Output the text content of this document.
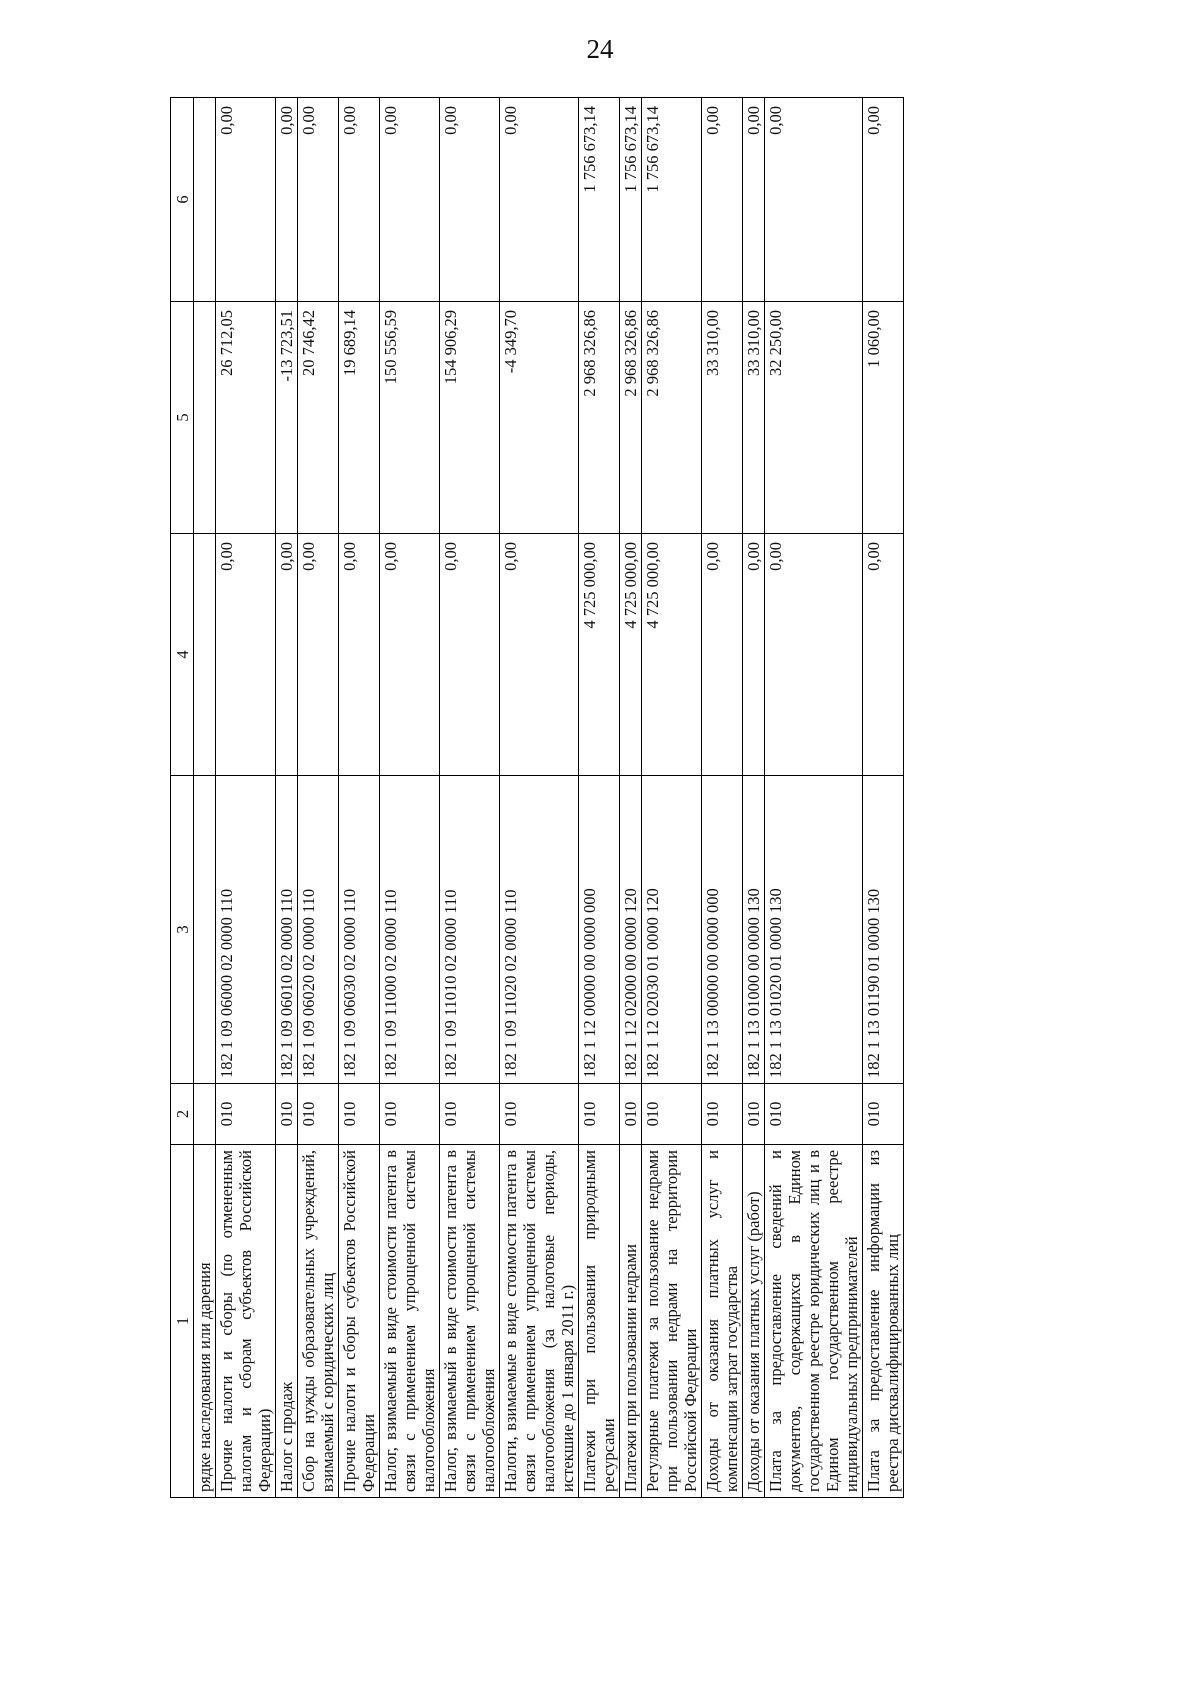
24
1	2	3	4	5	6
рядке наследования или дарения					
Прочие налоги и сборы (по отмененным налогам и сборам субъектов Российской Федерации)	010	182 1 09 06000 02 0000 110	0,00	26 712,05	0,00
Налог с продаж	010	182 1 09 06010 02 0000 110	0,00	-13 723,51	0,00
Сбор на нужды образовательных учреждений, взимаемый с юридических лиц	010	182 1 09 06020 02 0000 110	0,00	20 746,42	0,00
Прочие налоги и сборы субъектов Российской Федерации	010	182 1 09 06030 02 0000 110	0,00	19 689,14	0,00
Налог, взимаемый в виде стоимости патента в связи с применением упрощенной системы налогообложения	010	182 1 09 11000 02 0000 110	0,00	150 556,59	0,00
Налог, взимаемый в виде стоимости патента в связи с применением упрощенной системы налогообложения	010	182 1 09 11010 02 0000 110	0,00	154 906,29	0,00
Налоги, взимаемые в виде стоимости патента в связи с применением упрощенной системы налогообложения (за налоговые периоды, истекшие до 1 января 2011 г.)	010	182 1 09 11020 02 0000 110	0,00	-4 349,70	0,00
Платежи при пользовании природными ресурсами	010	182 1 12 00000 00 0000 000	4 725 000,00	2 968 326,86	1 756 673,14
Платежи при пользовании недрами	010	182 1 12 02000 00 0000 120	4 725 000,00	2 968 326,86	1 756 673,14
Регулярные платежи за пользование недрами при пользовании недрами на территории Российской Федерации	010	182 1 12 02030 01 0000 120	4 725 000,00	2 968 326,86	1 756 673,14
Доходы от оказания платных услуг и компенсации затрат государства	010	182 1 13 00000 00 0000 000	0,00	33 310,00	0,00
Доходы от оказания платных услуг (работ)	010	182 1 13 01000 00 0000 130	0,00	33 310,00	0,00
Плата за предоставление сведений и документов, содержащихся в Едином государственном реестре юридических лиц и в Едином государственном реестре индивидуальных предпринимателей	010	182 1 13 01020 01 0000 130	0,00	32 250,00	0,00
Плата за предоставление информации из реестра дисквалифицированных лиц	010	182 1 13 01190 01 0000 130	0,00	1 060,00	0,00
